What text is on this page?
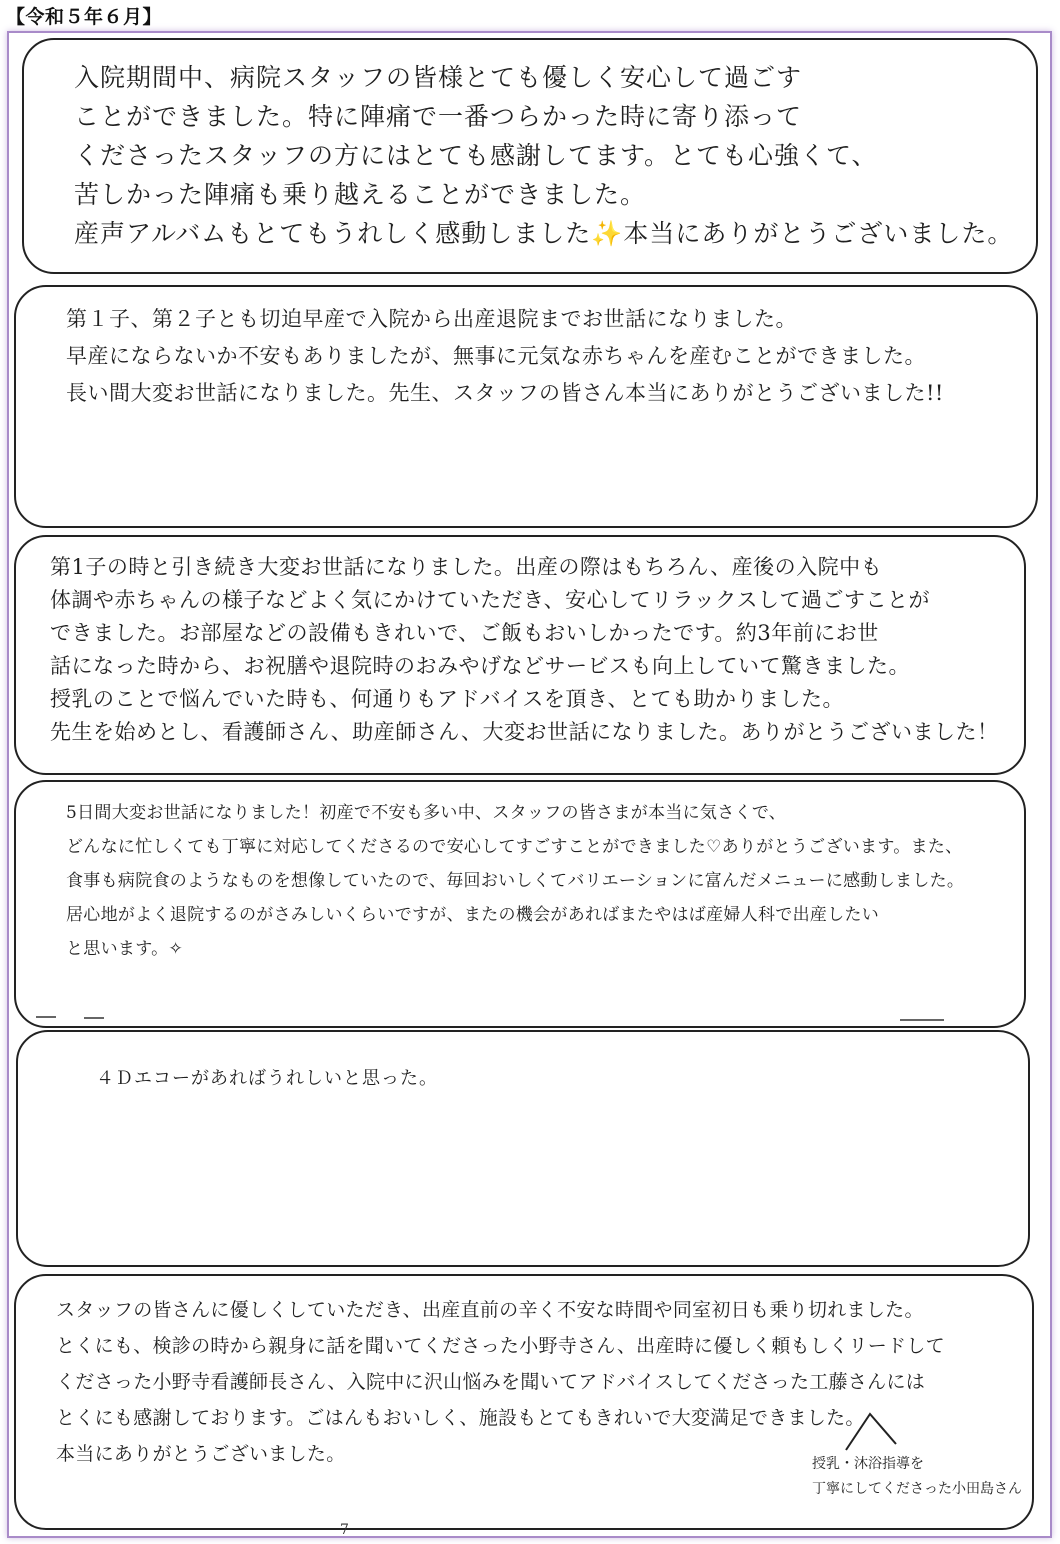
【令和５年６月】

入院期間中、病院スタッフの皆様とても優しく安心して過ごす
ことができました。特に陣痛で一番つらかった時に寄り添って
くださったスタッフの方にはとても感謝してます。とても心強くて、
苦しかった陣痛も乗り越えることができました。
産声アルバムもとてもうれしく感動しました✨本当にありがとうございました。

第１子、第２子とも切迫早産で入院から出産退院までお世話になりました。
早産にならないか不安もありましたが、無事に元気な赤ちゃんを産むことができました。
長い間大変お世話になりました。先生、スタッフの皆さん本当にありがとうございました!!

第1子の時と引き続き大変お世話になりました。出産の際はもちろん、産後の入院中も
体調や赤ちゃんの様子などよく気にかけていただき、安心してリラックスして過ごすことが
できました。お部屋などの設備もきれいで、ご飯もおいしかったです。約3年前にお世
話になった時から、お祝膳や退院時のおみやげなどサービスも向上していて驚きました。
授乳のことで悩んでいた時も、何通りもアドバイスを頂き、とても助かりました。
先生を始めとし、看護師さん、助産師さん、大変お世話になりました。ありがとうございました！

5日間大変お世話になりました！初産で不安も多い中、スタッフの皆さまが本当に気さくで、
どんなに忙しくても丁寧に対応してくださるので安心してすごすことができました♡ありがとうございます。また、
食事も病院食のようなものを想像していたので、毎回おいしくてバリエーションに富んだメニューに感動しました。
居心地がよく退院するのがさみしいくらいですが、またの機会があればまたやはば産婦人科で出産したい
と思います。✧

４Ｄエコーがあればうれしいと思った。

スタッフの皆さんに優しくしていただき、出産直前の辛く不安な時間や同室初日も乗り切れました。
とくにも、検診の時から親身に話を聞いてくださった小野寺さん、出産時に優しく頼もしくリードして
くださった小野寺看護師長さん、入院中に沢山悩みを聞いてアドバイスしてくださった工藤さんには
とくにも感謝しております。ごはんもおいしく、施設もとてもきれいで大変満足できました。
本当にありがとうございました。	授乳・沐浴指導を
丁寧にしてくださった小田島さん

7
